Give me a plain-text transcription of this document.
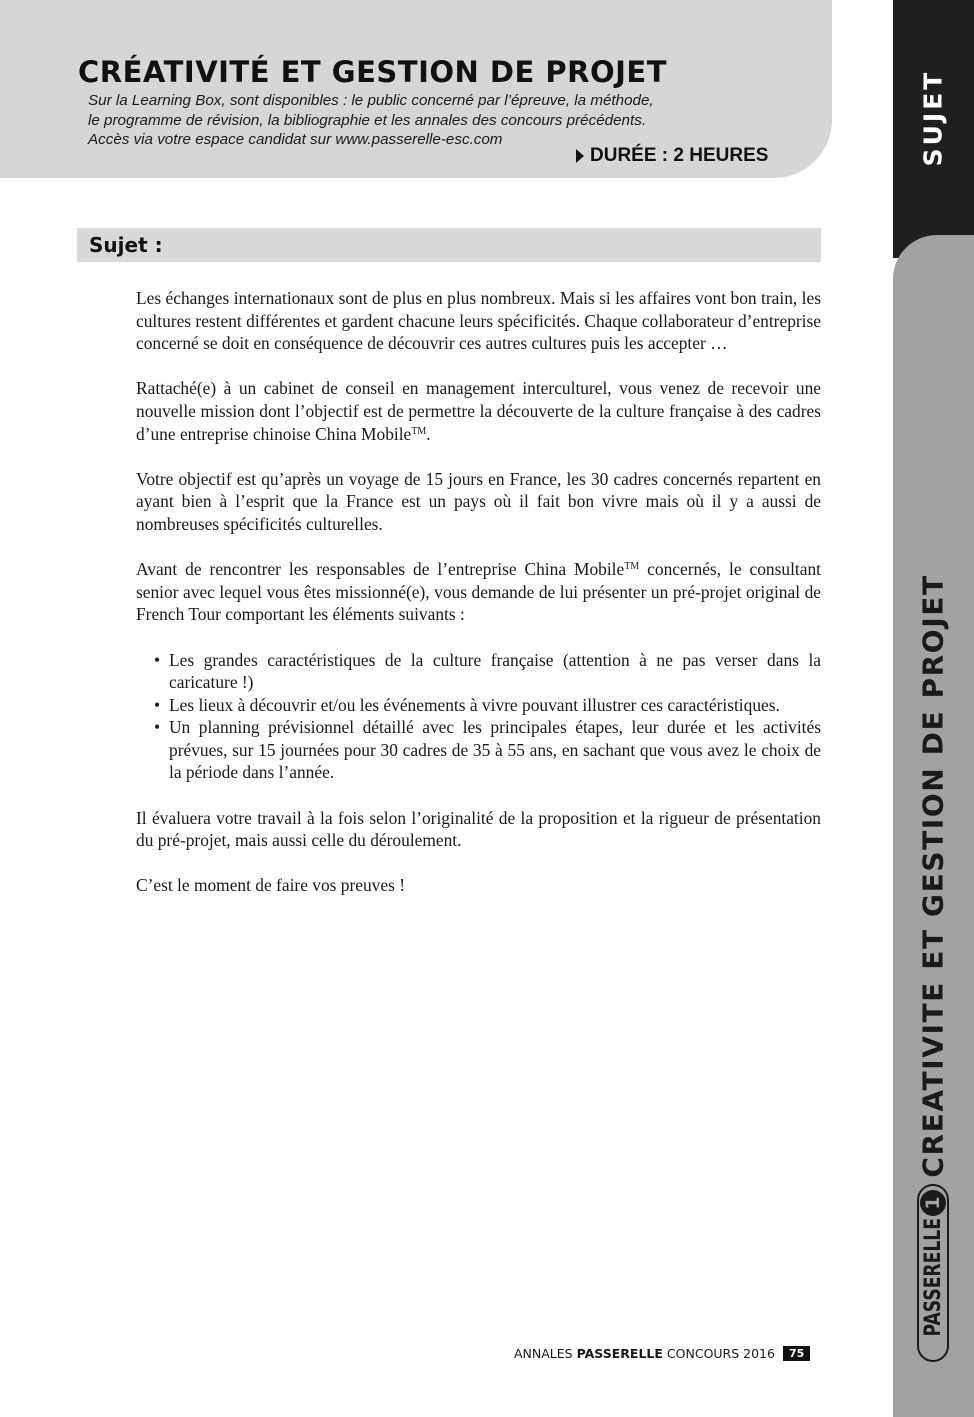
CRÉATIVITÉ ET GESTION DE PROJET
Sur la Learning Box, sont disponibles : le public concerné par l’épreuve, la méthode,
le programme de révision, la bibliographie et les annales des concours précédents.
Accès via votre espace candidat sur www.passerelle-esc.com
DURÉE : 2 HEURES	SUJET
CREATIVITE ET GESTION DE PROJET
PASSERELLE
1
Sujet :

Les échanges internationaux sont de plus en plus nombreux. Mais si les affaires vont bon train, les cultures restent différentes et gardent chacune leurs spécificités. Chaque collaborateur d’entreprise concerné se doit en conséquence de découvrir ces autres cultures puis les accepter …

Rattaché(e) à un cabinet de conseil en management interculturel, vous venez de recevoir une nouvelle mission dont l’objectif est de permettre la découverte de la culture française à des cadres d’une entreprise chinoise China Mobile™.

Votre objectif est qu’après un voyage de 15 jours en France, les 30 cadres concernés repartent en ayant bien à l’esprit que la France est un pays où il fait bon vivre mais où il y a aussi de nombreuses spécificités culturelles.

Avant de rencontrer les responsables de l’entreprise China Mobile™ concernés, le consultant senior avec lequel vous êtes missionné(e), vous demande de lui présenter un pré-projet original de French Tour comportant les éléments suivants :

• Les grandes caractéristiques de la culture française (attention à ne pas verser dans la caricature !)
• Les lieux à découvrir et/ou les événements à vivre pouvant illustrer ces caractéristiques.
• Un planning prévisionnel détaillé avec les principales étapes, leur durée et les activités prévues, sur 15 journées pour 30 cadres de 35 à 55 ans, en sachant que vous avez le choix de la période dans l’année.

Il évaluera votre travail à la fois selon l’originalité de la proposition et la rigueur de présentation du pré-projet, mais aussi celle du déroulement.

C’est le moment de faire vos preuves !

ANNALES PASSERELLE CONCOURS 2016	75
